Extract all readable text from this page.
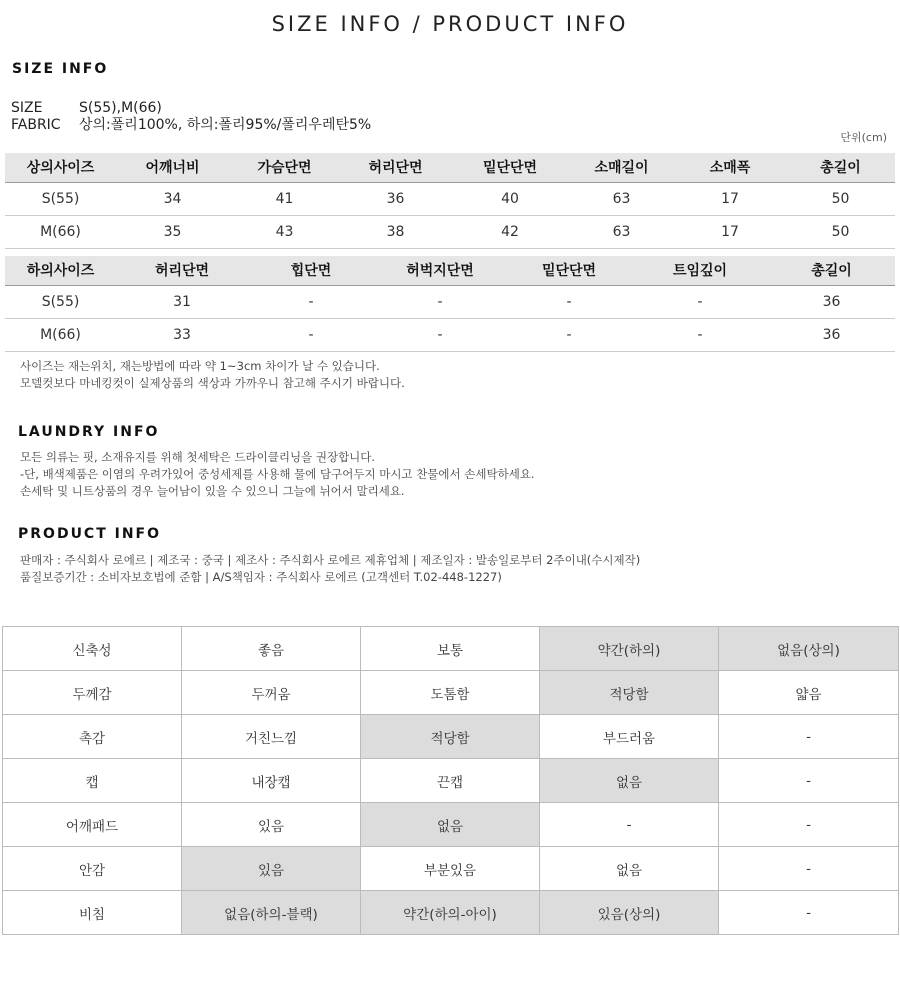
SIZE INFO / PRODUCT INFO
SIZE INFO
SIZE	S(55),M(66)
FABRIC 상의:폴리100%, 하의:폴리95%/폴리우레탄5%
단위(cm)
상의사이즈	어깨너비	가슴단면	허리단면	밑단단면	소매길이	소매폭	총길이
S(55)	34	41	36	40	63	17	50
M(66)	35	43	38	42	63	17	50
하의사이즈	허리단면	힙단면	허벅지단면	밑단단면	트임깊이	총길이
S(55)	31	-	-	-	-	36
M(66)	33	-	-	-	-	36

사이즈는 재는위치, 재는방법에 따라 약 1~3cm 차이가 날 수 있습니다.

모델컷보다 마네킹컷이 실제상품의 색상과 가까우니 참고해 주시기 바랍니다.

LAUNDRY INFO

모든 의류는 핏, 소재유지를 위해 첫세탁은 드라이클리닝을 권장합니다.

-단, 배색제품은 이염의 우려가있어 중성세제를 사용해 물에 담구어두지 마시고 찬물에서 손세탁하세요.

손세탁 및 니트상품의 경우 늘어남이 있을 수 있으니 그늘에 뉘어서 말리세요.

PRODUCT INFO

판매자 : 주식회사 로에르 | 제조국 : 중국 | 제조사 : 주식회사 로에르 제휴업체 | 제조일자 : 발송일로부터 2주이내(수시제작)

품질보증기간 : 소비자보호법에 준함 | A/S책임자 : 주식회사 로에르 (고객센터 T.02-448-1227)

신축성	좋음	보통	약간(하의)	없음(상의)
두께감	두꺼움	도톰함	적당함	얇음
촉감	거친느낌	적당함	부드러움	-
캡	내장캡	끈캡	없음	-
어깨패드	있음	없음	-	-
안감	있음	부분있음	없음	-
비침	없음(하의-블랙)	약간(하의-아이)	있음(상의)	-
